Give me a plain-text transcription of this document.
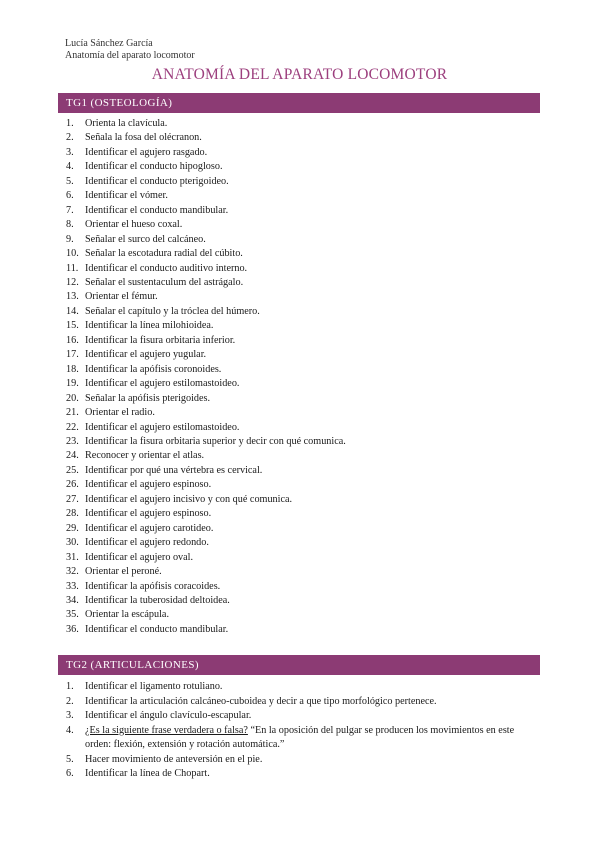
Lucía Sánchez García
Anatomía del aparato locomotor
ANATOMÍA DEL APARATO LOCOMOTOR
TG1 (OSTEOLOGÍA)
1.	Orienta la clavícula.
2.	Señala la fosa del olécranon.
3.	Identificar el agujero rasgado.
4.	Identificar el conducto hipogloso.
5.	Identificar el conducto pterigoideo.
6.	Identificar el vómer.
7.	Identificar el conducto mandibular.
8.	Orientar el hueso coxal.
9.	Señalar el surco del calcáneo.
10. Señalar la escotadura radial del cúbito.
11. Identificar el conducto auditivo interno.
12. Señalar el sustentaculum del astrágalo.
13. Orientar el fémur.
14. Señalar el capítulo y la tróclea del húmero.
15. Identificar la línea milohioidea.
16. Identificar la fisura orbitaria inferior.
17. Identificar el agujero yugular.
18. Identificar la apófisis coronoides.
19. Identificar el agujero estilomastoideo.
20. Señalar la apófisis pterigoides.
21. Orientar el radio.
22. Identificar el agujero estilomastoideo.
23. Identificar la fisura orbitaria superior y decir con qué comunica.
24. Reconocer y orientar el atlas.
25. Identificar por qué una vértebra es cervical.
26. Identificar el agujero espinoso.
27. Identificar el agujero incisivo y con qué comunica.
28. Identificar el agujero espinoso.
29. Identificar el agujero carotideo.
30. Identificar el agujero redondo.
31. Identificar el agujero oval.
32. Orientar el peroné.
33. Identificar la apófisis coracoides.
34. Identificar la tuberosidad deltoidea.
35. Orientar la escápula.
36. Identificar el conducto mandibular.
TG2 (ARTICULACIONES)
1.	Identificar el ligamento rotuliano.
2.	Identificar la articulación calcáneo-cuboidea y decir a que tipo morfológico pertenece.
3.	Identificar el ángulo clavículo-escapular.
4.	¿Es la siguiente frase verdadera o falsa? “En la oposición del pulgar se producen los movimientos en este orden: flexión, extensión y rotación automática.”
5.	Hacer movimiento de anteversión en el pie.
6.	Identificar la línea de Chopart.
